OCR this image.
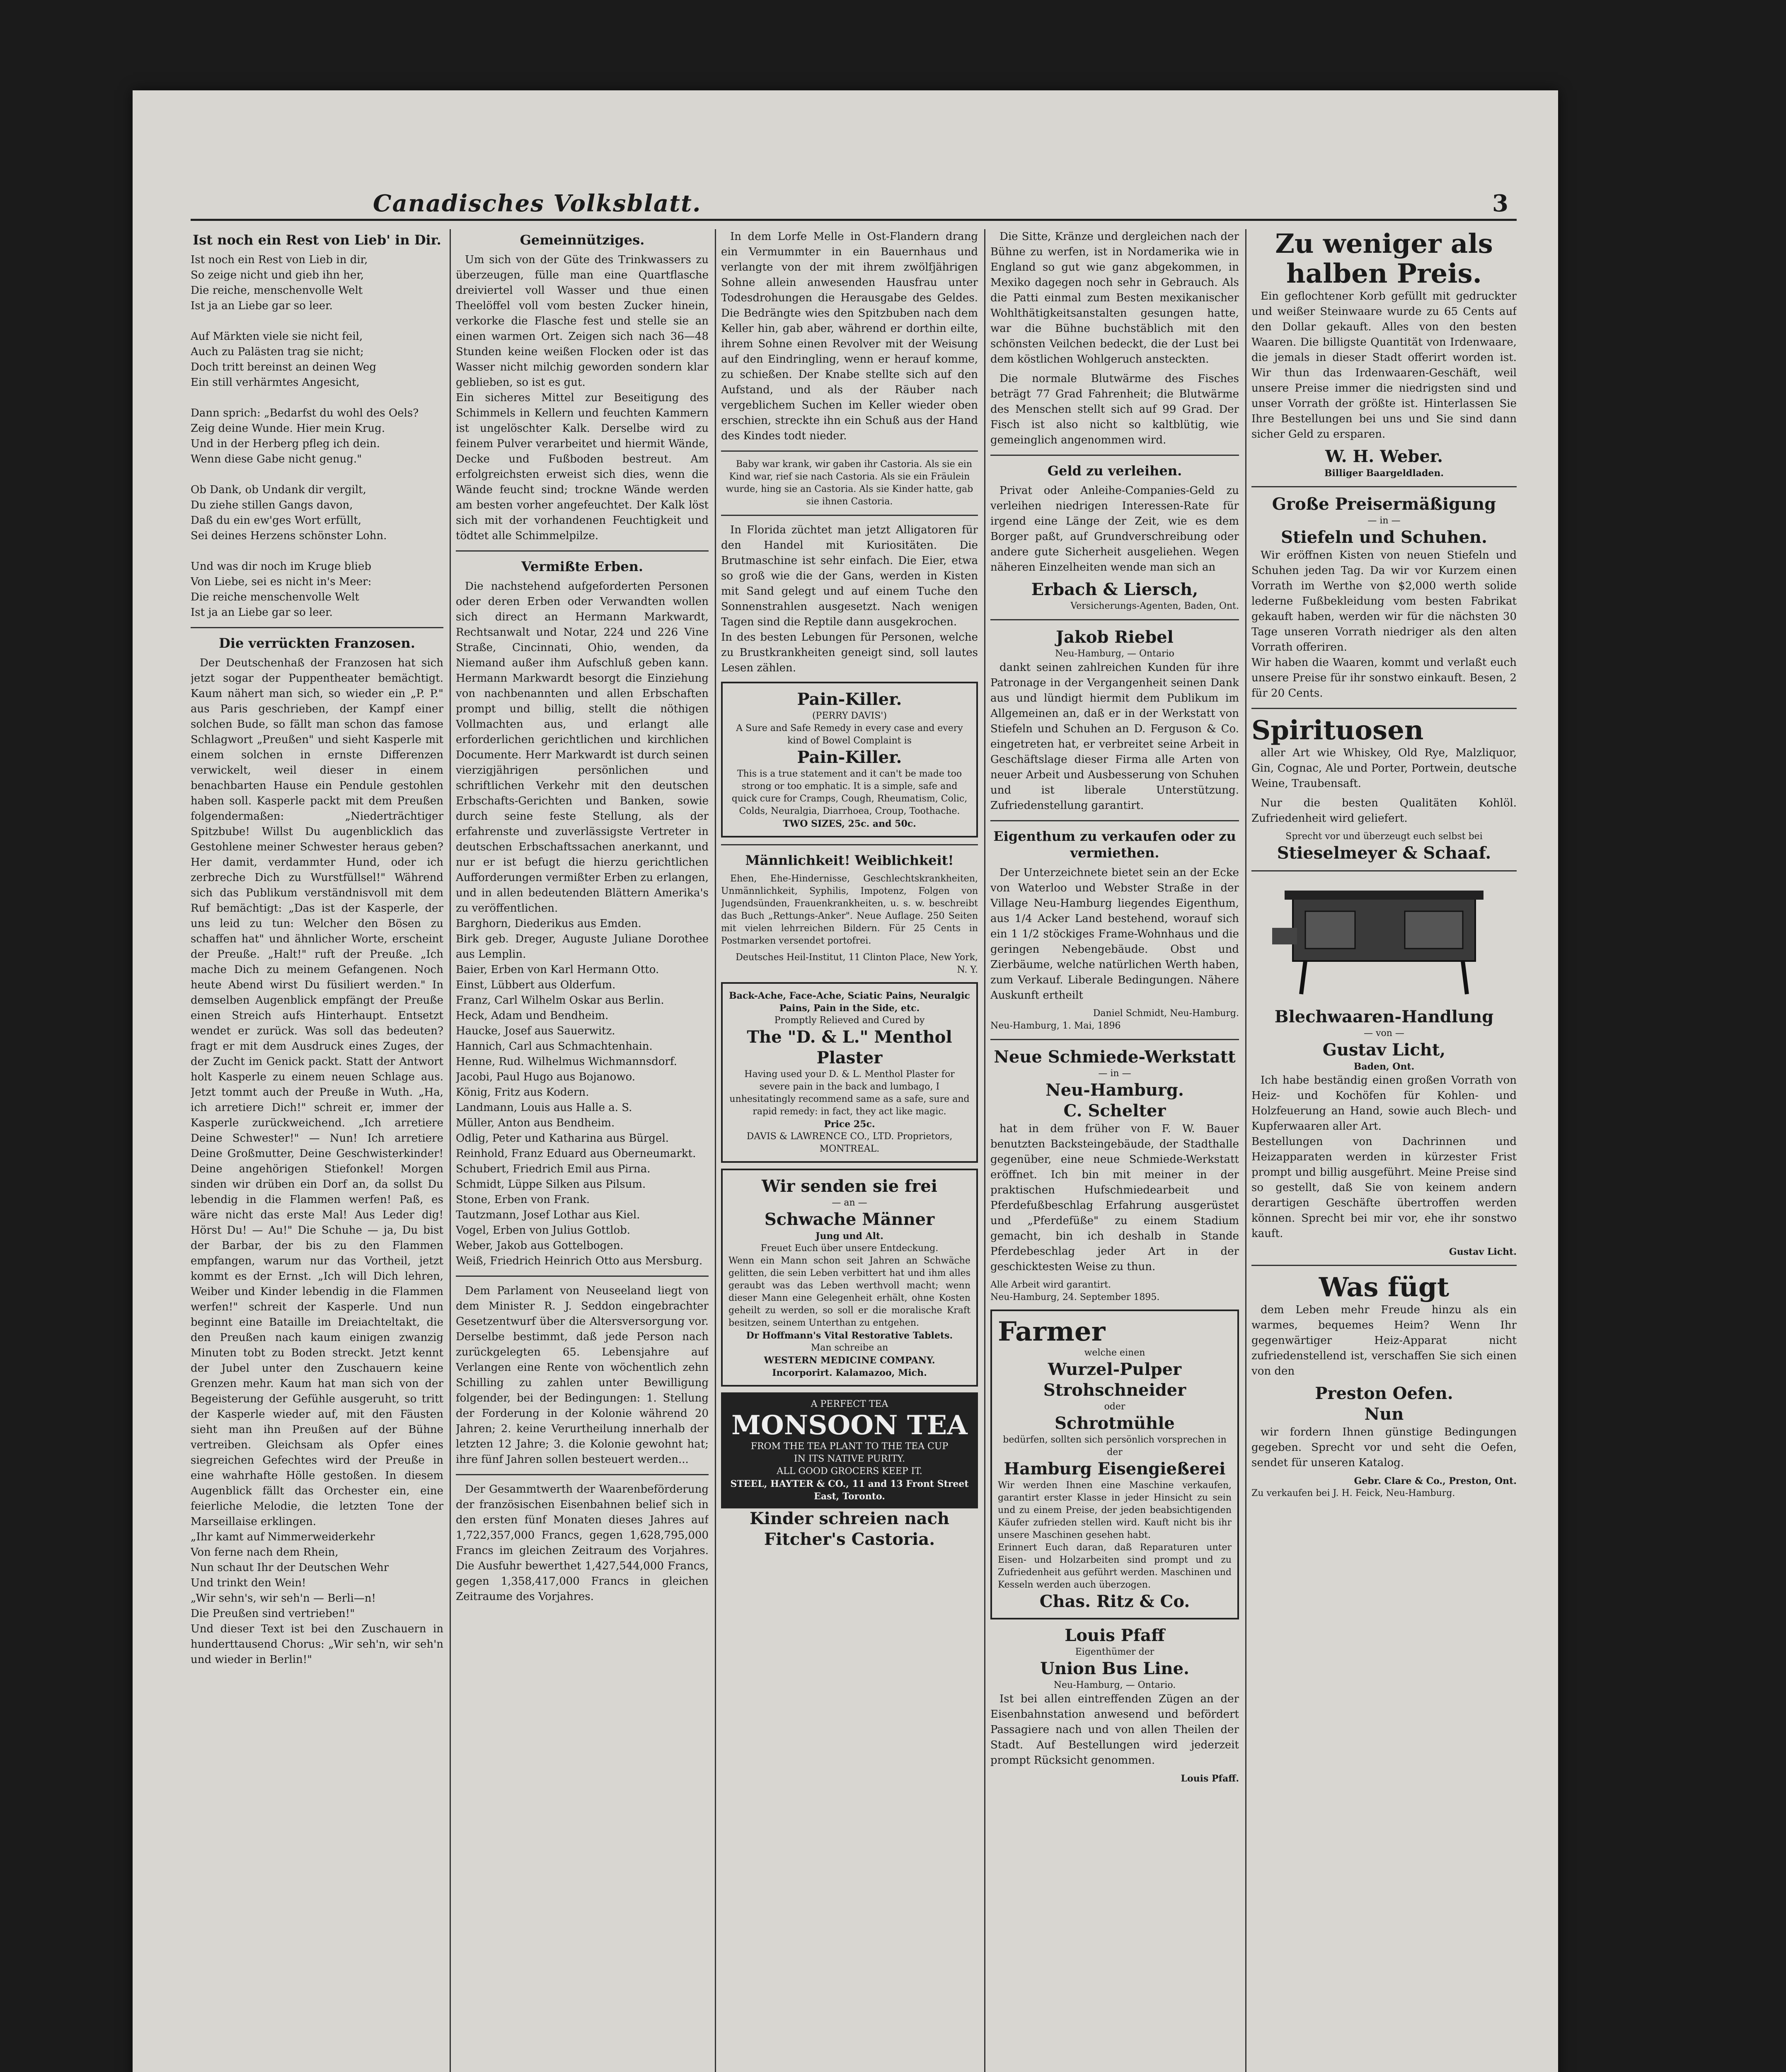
Canadisches Volksblatt.	3
Ist noch ein Rest von Lieb' in Dir.
Ist noch ein Rest von Lieb in dir,
So zeige nicht und gieb ihn her,
Die reiche, menschenvolle Welt
Ist ja an Liebe gar so leer.

Auf Märkten viele sie nicht feil,
Auch zu Palästen trag sie nicht;
Doch tritt bereinst an deinen Weg
Ein still verhärmtes Angesicht,

Dann sprich: „Bedarfst du wohl des Oels?
Zeig deine Wunde. Hier mein Krug.
Und in der Herberg pfleg ich dein.
Wenn diese Gabe nicht genug."

Ob Dank, ob Undank dir vergilt,
Du ziehe stillen Gangs davon,
Daß du ein ew'ges Wort erfüllt,
Sei deines Herzens schönster Lohn.

Und was dir noch im Kruge blieb
Von Liebe, sei es nicht in's Meer:
Die reiche menschenvolle Welt
Ist ja an Liebe gar so leer.
Die verrückten Franzosen.

Der Deutschenhaß der Franzosen hat sich jetzt sogar der Puppentheater bemächtigt. Kaum nähert man sich, so wieder ein „P. P." aus Paris geschrieben, der Kampf einer solchen Bude, so fällt man schon das famose Schlagwort „Preußen" und sieht Kasperle mit einem solchen in ernste Differenzen verwickelt, weil dieser in einem benachbarten Hause ein Pendule gestohlen haben soll. Kasperle packt mit dem Preußen folgendermaßen: „Niederträchtiger Spitzbube! Willst Du augenblicklich das Gestohlene meiner Schwester heraus geben? Her damit, verdammter Hund, oder ich zerbreche Dich zu Wurstfüllsel!" Während sich das Publikum verständnisvoll mit dem Ruf bemächtigt: „Das ist der Kasperle, der uns leid zu tun: Welcher den Bösen zu schaffen hat" und ähnlicher Worte, erscheint der Preuße. „Halt!" ruft der Preuße. „Ich mache Dich zu meinem Gefangenen. Noch heute Abend wirst Du füsiliert werden." In demselben Augenblick empfängt der Preuße einen Streich aufs Hinterhaupt. Entsetzt wendet er zurück. Was soll das bedeuten? fragt er mit dem Ausdruck eines Zuges, der der Zucht im Genick packt. Statt der Antwort holt Kasperle zu einem neuen Schlage aus. Jetzt tommt auch der Preuße in Wuth. „Ha, ich arretiere Dich!" schreit er, immer der Kasperle zurückweichend. „Ich arretiere Deine Schwester!" — Nun! Ich arretiere Deine Großmutter, Deine Geschwisterkinder! Deine angehörigen Stiefonkel! Morgen sinden wir drüben ein Dorf an, da sollst Du lebendig in die Flammen werfen! Paß, es wäre nicht das erste Mal! Aus Leder dig! Hörst Du! — Au!" Die Schuhe — ja, Du bist der Barbar, der bis zu den Flammen empfangen, warum nur das Vortheil, jetzt kommt es der Ernst. „Ich will Dich lehren, Weiber und Kinder lebendig in die Flammen werfen!" schreit der Kasperle. Und nun beginnt eine Bataille im Dreiachteltakt, die den Preußen nach kaum einigen zwanzig Minuten tobt zu Boden streckt. Jetzt kennt der Jubel unter den Zuschauern keine Grenzen mehr. Kaum hat man sich von der Begeisterung der Gefühle ausgeruht, so tritt der Kasperle wieder auf, mit den Fäusten sieht man ihn Preußen auf der Bühne vertreiben. Gleichsam als Opfer eines siegreichen Gefechtes wird der Preuße in eine wahrhafte Hölle gestoßen. In diesem Augenblick fällt das Orchester ein, eine feierliche Melodie, die letzten Tone der Marseillaise erklingen.
„Ihr kamt auf Nimmerweiderkehr
Von ferne nach dem Rhein,
Nun schaut Ihr der Deutschen Wehr
Und trinkt den Wein!
„Wir sehn's, wir seh'n — Berli—n!
Die Preußen sind vertrieben!"
Und dieser Text ist bei den Zuschauern in hunderttausend Chorus: „Wir seh'n, wir seh'n und wieder in Berlin!"

Gemeinnütziges.

Um sich von der Güte des Trinkwassers zu überzeugen, fülle man eine Quartflasche dreiviertel voll Wasser und thue einen Theelöffel voll vom besten Zucker hinein, verkorke die Flasche fest und stelle sie an einen warmen Ort. Zeigen sich nach 36—48 Stunden keine weißen Flocken oder ist das Wasser nicht milchig geworden sondern klar geblieben, so ist es gut.
Ein sicheres Mittel zur Beseitigung des Schimmels in Kellern und feuchten Kammern ist ungelöschter Kalk. Derselbe wird zu feinem Pulver verarbeitet und hiermit Wände, Decke und Fußboden bestreut. Am erfolgreichsten erweist sich dies, wenn die Wände feucht sind; trockne Wände werden am besten vorher angefeuchtet. Der Kalk löst sich mit der vorhandenen Feuchtigkeit und tödtet alle Schimmelpilze.

Vermißte Erben.

Die nachstehend aufgeforderten Personen oder deren Erben oder Verwandten wollen sich direct an Hermann Markwardt, Rechtsanwalt und Notar, 224 und 226 Vine Straße, Cincinnati, Ohio, wenden, da Niemand außer ihm Aufschluß geben kann. Hermann Markwardt besorgt die Einziehung von nachbenannten und allen Erbschaften prompt und billig, stellt die nöthigen Vollmachten aus, und erlangt alle erforderlichen gerichtlichen und kirchlichen Documente. Herr Markwardt ist durch seinen vierzigjährigen persönlichen und schriftlichen Verkehr mit den deutschen Erbschafts-Gerichten und Banken, sowie durch seine feste Stellung, als der erfahrenste und zuverlässigste Vertreter in deutschen Erbschaftssachen anerkannt, und nur er ist befugt die hierzu gerichtlichen Aufforderungen vermißter Erben zu erlangen, und in allen bedeutenden Blättern Amerika's zu veröffentlichen.
Barghorn, Diederikus aus Emden.
Birk geb. Dreger, Auguste Juliane Dorothee aus Lemplin.
Baier, Erben von Karl Hermann Otto.
Einst, Lübbert aus Olderfum.
Franz, Carl Wilhelm Oskar aus Berlin.
Heck, Adam und Bendheim.
Haucke, Josef aus Sauerwitz.
Hannich, Carl aus Schmachtenhain.
Henne, Rud. Wilhelmus Wichmannsdorf.
Jacobi, Paul Hugo aus Bojanowo.
König, Fritz aus Kodern.
Landmann, Louis aus Halle a. S.
Müller, Anton aus Bendheim.
Odlig, Peter und Katharina aus Bürgel.
Reinhold, Franz Eduard aus Oberneumarkt.
Schubert, Friedrich Emil aus Pirna.
Schmidt, Lüppe Silken aus Pilsum.
Stone, Erben von Frank.
Tautzmann, Josef Lothar aus Kiel.
Vogel, Erben von Julius Gottlob.
Weber, Jakob aus Gottelbogen.
Weiß, Friedrich Heinrich Otto aus Mersburg.

Dem Parlament von Neuseeland liegt von dem Minister R. J. Seddon eingebrachter Gesetzentwurf über die Altersversorgung vor. Derselbe bestimmt, daß jede Person nach zurückgelegten 65. Lebensjahre auf Verlangen eine Rente von wöchentlich zehn Schilling zu zahlen unter Bewilligung folgender, bei der Bedingungen: 1. Stellung der Forderung in der Kolonie während 20 Jahren; 2. keine Verurtheilung innerhalb der letzten 12 Jahre; 3. die Kolonie gewohnt hat; ihre fünf Jahren sollen besteuert werden...

Der Gesammtwerth der Waarenbeförderung der französischen Eisenbahnen belief sich in den ersten fünf Monaten dieses Jahres auf 1,722,357,000 Francs, gegen 1,628,795,000 Francs im gleichen Zeitraum des Vorjahres. Die Ausfuhr bewerthet 1,427,544,000 Francs, gegen 1,358,417,000 Francs in gleichen Zeitraume des Vorjahres.

In dem Lorfe Melle in Ost-Flandern drang ein Vermummter in ein Bauernhaus und verlangte von der mit ihrem zwölfjährigen Sohne allein anwesenden Hausfrau unter Todesdrohungen die Herausgabe des Geldes. Die Bedrängte wies den Spitzbuben nach dem Keller hin, gab aber, während er dorthin eilte, ihrem Sohne einen Revolver mit der Weisung auf den Eindringling, wenn er herauf komme, zu schießen. Der Knabe stellte sich auf den Aufstand, und als der Räuber nach vergeblichem Suchen im Keller wieder oben erschien, streckte ihn ein Schuß aus der Hand des Kindes todt nieder.

Baby war krank, wir gaben ihr Castoria. Als sie ein Kind war, rief sie nach Castoria. Als sie ein Fräulein wurde, hing sie an Castoria. Als sie Kinder hatte, gab sie ihnen Castoria.

In Florida züchtet man jetzt Alligatoren für den Handel mit Kuriositäten. Die Brutmaschine ist sehr einfach. Die Eier, etwa so groß wie die der Gans, werden in Kisten mit Sand gelegt und auf einem Tuche den Sonnenstrahlen ausgesetzt. Nach wenigen Tagen sind die Reptile dann ausgekrochen.
In des besten Lebungen für Personen, welche zu Brustkrankheiten geneigt sind, soll lautes Lesen zählen.

Pain-Killer.
(PERRY DAVIS')
A Sure and Safe Remedy in every case and every kind of Bowel Complaint is
Pain-Killer.
This is a true statement and it can't be made too strong or too emphatic. It is a simple, safe and quick cure for Cramps, Cough, Rheumatism, Colic, Colds, Neuralgia, Diarrhoea, Croup, Toothache.
TWO SIZES, 25c. and 50c.
Männlichkeit! Weiblichkeit!

Ehen, Ehe-Hindernisse, Geschlechtskrankheiten, Unmännlichkeit, Syphilis, Impotenz, Folgen von Jugendsünden, Frauenkrankheiten, u. s. w. beschreibt das Buch „Rettungs-Anker". Neue Auflage. 250 Seiten mit vielen lehrreichen Bildern. Für 25 Cents in Postmarken versendet portofrei.

Deutsches Heil-Institut, 11 Clinton Place, New York, N. Y.

Back-Ache, Face-Ache, Sciatic Pains, Neuralgic Pains, Pain in the Side, etc.
Promptly Relieved and Cured by
The "D. & L." Menthol Plaster
Having used your D. & L. Menthol Plaster for severe pain in the back and lumbago, I unhesitatingly recommend same as a safe, sure and rapid remedy: in fact, they act like magic.
Price 25c.
DAVIS & LAWRENCE CO., LTD. Proprietors, MONTREAL.
Wir senden sie frei
— an —
Schwache Männer
Jung und Alt.
Freuet Euch über unsere Entdeckung.
Wenn ein Mann schon seit Jahren an Schwäche gelitten, die sein Leben verbittert hat und ihm alles geraubt was das Leben werthvoll macht; wenn dieser Mann eine Gelegenheit erhält, ohne Kosten geheilt zu werden, so soll er die moralische Kraft besitzen, seinem Unterthan zu entgehen.
Dr Hoffmann's Vital Restorative Tablets.
Man schreibe an
WESTERN MEDICINE COMPANY.
Incorporirt. Kalamazoo, Mich.
A PERFECT TEA
MONSOON TEA
FROM THE TEA PLANT TO THE TEA CUP
IN ITS NATIVE PURITY.
ALL GOOD GROCERS KEEP IT.
STEEL, HAYTER & CO., 11 and 13 Front Street East, Toronto.
Kinder schreien nach Fitcher's Castoria.

Die Sitte, Kränze und dergleichen nach der Bühne zu werfen, ist in Nordamerika wie in England so gut wie ganz abgekommen, in Mexiko dagegen noch sehr in Gebrauch. Als die Patti einmal zum Besten mexikanischer Wohlthätigkeitsanstalten gesungen hatte, war die Bühne buchstäblich mit den schönsten Veilchen bedeckt, die der Lust bei dem köstlichen Wohlgeruch ansteckten.

Die normale Blutwärme des Fisches beträgt 77 Grad Fahrenheit; die Blutwärme des Menschen stellt sich auf 99 Grad. Der Fisch ist also nicht so kaltblütig, wie gemeinglich angenommen wird.

Geld zu verleihen.

Privat oder Anleihe-Companies-Geld zu verleihen niedrigen Interessen-Rate für irgend eine Länge der Zeit, wie es dem Borger paßt, auf Grundverschreibung oder andere gute Sicherheit ausgeliehen. Wegen näheren Einzelheiten wende man sich an

Erbach & Liersch,
Versicherungs-Agenten, Baden, Ont.
Jakob Riebel
Neu-Hamburg, — Ontario

dankt seinen zahlreichen Kunden für ihre Patronage in der Vergangenheit seinen Dank aus und lündigt hiermit dem Publikum im Allgemeinen an, daß er in der Werkstatt von Stiefeln und Schuhen an D. Ferguson & Co. eingetreten hat, er verbreitet seine Arbeit in Geschäftslage dieser Firma alle Arten von neuer Arbeit und Ausbesserung von Schuhen und ist liberale Unterstützung. Zufriedenstellung garantirt.

Eigenthum zu verkaufen oder zu vermiethen.

Der Unterzeichnete bietet sein an der Ecke von Waterloo und Webster Straße in der Village Neu-Hamburg liegendes Eigenthum, aus 1/4 Acker Land bestehend, worauf sich ein 1 1/2 stöckiges Frame-Wohnhaus und die geringen Nebengebäude. Obst und Zierbäume, welche natürlichen Werth haben, zum Verkauf. Liberale Bedingungen. Nähere Auskunft ertheilt

Daniel Schmidt, Neu-Hamburg.
Neu-Hamburg, 1. Mai, 1896
Neue Schmiede-Werkstatt
— in —
Neu-Hamburg.
C. Schelter

hat in dem früher von F. W. Bauer benutzten Backsteingebäude, der Stadthalle gegenüber, eine neue Schmiede-Werkstatt eröffnet. Ich bin mit meiner in der praktischen Hufschmiedearbeit und Pferdefußbeschlag Erfahrung ausgerüstet und „Pferdefüße" zu einem Stadium gemacht, bin ich deshalb in Stande Pferdebeschlag jeder Art in der geschicktesten Weise zu thun.

Alle Arbeit wird garantirt.
Neu-Hamburg, 24. September 1895.
Farmer
welche einen
Wurzel-Pulper
Strohschneider
oder
Schrotmühle
bedürfen, sollten sich persönlich vorsprechen in der
Hamburg Eisengießerei
Wir werden Ihnen eine Maschine verkaufen, garantirt erster Klasse in jeder Hinsicht zu sein und zu einem Preise, der jeden beabsichtigenden Käufer zufrieden stellen wird. Kauft nicht bis ihr unsere Maschinen gesehen habt.
Erinnert Euch daran, daß Reparaturen unter Eisen- und Holzarbeiten sind prompt und zu Zufriedenheit aus geführt werden. Maschinen und Kesseln werden auch überzogen.
Chas. Ritz & Co.
Louis Pfaff
Eigenthümer der
Union Bus Line.
Neu-Hamburg, — Ontario.

Ist bei allen eintreffenden Zügen an der Eisenbahnstation anwesend und befördert Passagiere nach und von allen Theilen der Stadt. Auf Bestellungen wird jederzeit prompt Rücksicht genommen.

Louis Pfaff.
Zu weniger als halben Preis.

Ein geflochtener Korb gefüllt mit gedruckter und weißer Steinwaare wurde zu 65 Cents auf den Dollar gekauft. Alles von den besten Waaren. Die billigste Quantität von Irdenwaare, die jemals in dieser Stadt offerirt worden ist. Wir thun das Irdenwaaren-Geschäft, weil unsere Preise immer die niedrigsten sind und unser Vorrath der größte ist. Hinterlassen Sie Ihre Bestellungen bei uns und Sie sind dann sicher Geld zu ersparen.

W. H. Weber.
Billiger Baargeldladen.
Große Preisermäßigung
— in —
Stiefeln und Schuhen.

Wir eröffnen Kisten von neuen Stiefeln und Schuhen jeden Tag. Da wir vor Kurzem einen Vorrath im Werthe von $2,000 werth solide lederne Fußbekleidung vom besten Fabrikat gekauft haben, werden wir für die nächsten 30 Tage unseren Vorrath niedriger als den alten Vorrath offeriren.
Wir haben die Waaren, kommt und verlaßt euch unsere Preise für ihr sonstwo einkauft. Besen, 2 für 20 Cents.

Spirituosen

aller Art wie Whiskey, Old Rye, Malzliquor, Gin, Cognac, Ale und Porter, Portwein, deutsche Weine, Traubensaft.

Nur die besten Qualitäten Kohlöl. Zufriedenheit wird geliefert.

Sprecht vor und überzeugt euch selbst bei
Stieselmeyer & Schaaf.
Blechwaaren-Handlung
— von —
Gustav Licht,
Baden, Ont.

Ich habe beständig einen großen Vorrath von Heiz- und Kochöfen für Kohlen- und Holzfeuerung an Hand, sowie auch Blech- und Kupferwaaren aller Art.
Bestellungen von Dachrinnen und Heizapparaten werden in kürzester Frist prompt und billig ausgeführt. Meine Preise sind so gestellt, daß Sie von keinem andern derartigen Geschäfte übertroffen werden können. Sprecht bei mir vor, ehe ihr sonstwo kauft.

Gustav Licht.
Was fügt

dem Leben mehr Freude hinzu als ein warmes, bequemes Heim? Wenn Ihr gegenwärtiger Heiz-Apparat nicht zufriedenstellend ist, verschaffen Sie sich einen von den

Preston Oefen.
Nun

wir fordern Ihnen günstige Bedingungen gegeben. Sprecht vor und seht die Oefen, sendet für unseren Katalog.

Gebr. Clare & Co., Preston, Ont.
Zu verkaufen bei J. H. Feick, Neu-Hamburg.
